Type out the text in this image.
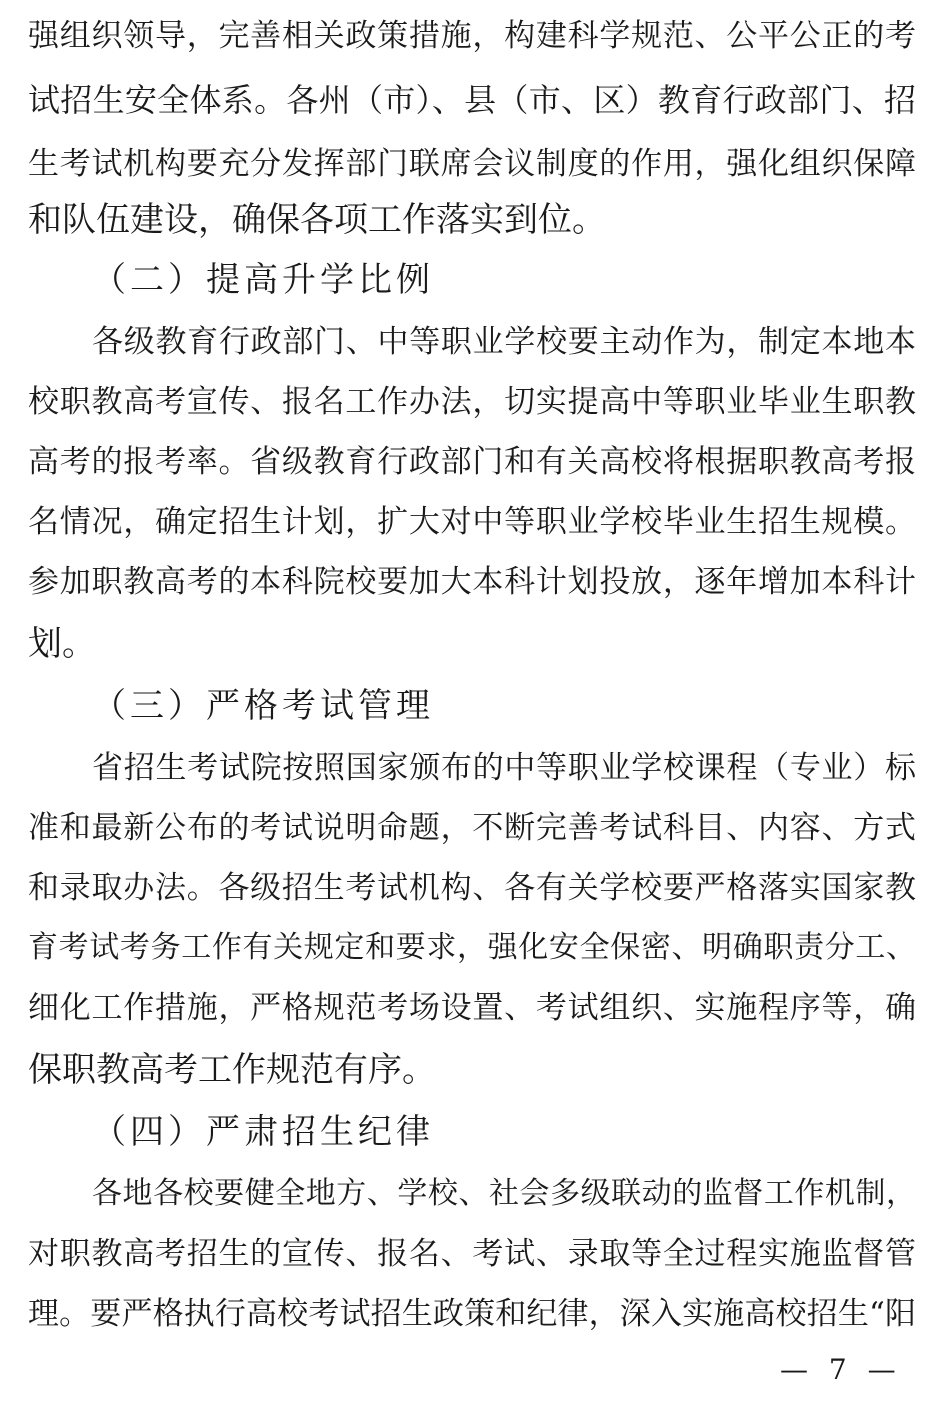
强组织领导，完善相关政策措施，构建科学规范、公平公正的考
试招生安全体系。各州（市）、县（市、区）教育行政部门、招
生考试机构要充分发挥部门联席会议制度的作用，强化组织保障
和队伍建设，确保各项工作落实到位。
（二）提高升学比例
各级教育行政部门、中等职业学校要主动作为，制定本地本
校职教高考宣传、报名工作办法，切实提高中等职业毕业生职教
高考的报考率。省级教育行政部门和有关高校将根据职教高考报
名情况，确定招生计划，扩大对中等职业学校毕业生招生规模。
参加职教高考的本科院校要加大本科计划投放，逐年增加本科计
划。
（三）严格考试管理
省招生考试院按照国家颁布的中等职业学校课程（专业）标
准和最新公布的考试说明命题，不断完善考试科目、内容、方式
和录取办法。各级招生考试机构、各有关学校要严格落实国家教
育考试考务工作有关规定和要求，强化安全保密、明确职责分工、
细化工作措施，严格规范考场设置、考试组织、实施程序等，确
保职教高考工作规范有序。
（四）严肃招生纪律
各地各校要健全地方、学校、社会多级联动的监督工作机制，
对职教高考招生的宣传、报名、考试、录取等全过程实施监督管
理。要严格执行高校考试招生政策和纪律，深入实施高校招生“阳
— 7 —
